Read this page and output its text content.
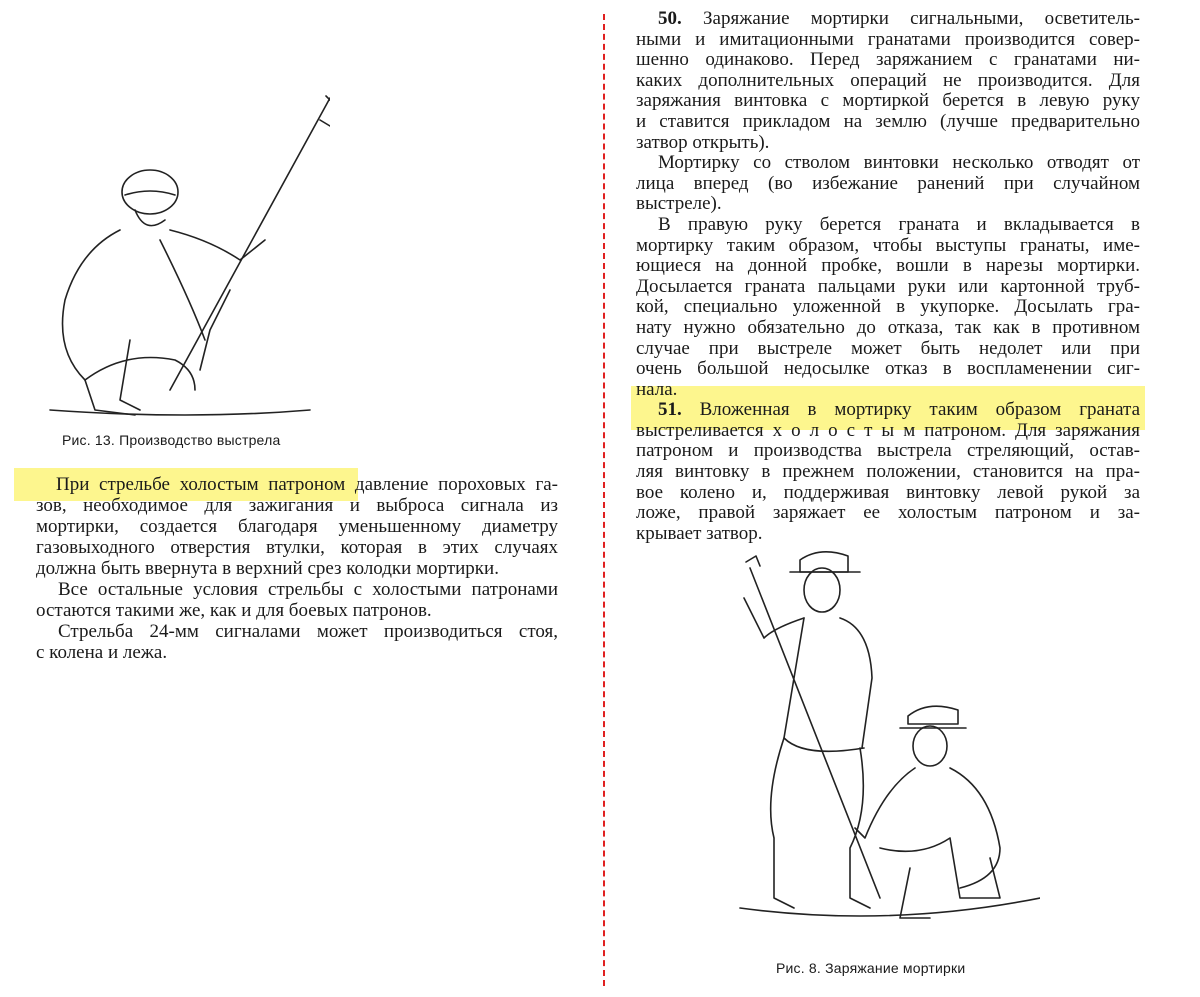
Рис. 13. Производство выстрела
При стрельбе холостым патроном давление пороховых га-
зов, необходимое для зажигания и выброса сигнала из
мортирки, создается благодаря уменьшенному диаметру
газовыходного отверстия втулки, которая в этих случаях
должна быть ввернута в верхний срез колодки мортирки.
Все остальные условия стрельбы с холостыми патронами
остаются такими же, как и для боевых патронов.
Стрельба 24-мм сигналами может производиться стоя,
с колена и лежа.
50. Заряжание мортирки сигнальными, осветитель-
ными и имитационными гранатами производится совер-
шенно одинаково. Перед заряжанием с гранатами ни-
каких дополнительных операций не производится. Для
заряжания винтовка с мортиркой берется в левую руку
и ставится прикладом на землю (лучше предварительно
затвор открыть).
Мортирку со стволом винтовки несколько отводят от
лица вперед (во избежание ранений при случайном
выстреле).
В правую руку берется граната и вкладывается в
мортирку таким образом, чтобы выступы гранаты, име-
ющиеся на донной пробке, вошли в нарезы мортирки.
Досылается граната пальцами руки или картонной труб-
кой, специально уложенной в укупорке. Досылать гра-
нату нужно обязательно до отказа, так как в противном
случае при выстреле может быть недолет или при
очень большой недосылке отказ в воспламенении сиг-
нала.
51. Вложенная в мортирку таким образом граната
выстреливается х о л о с т ы м патроном. Для заряжания
патроном и производства выстрела стреляющий, остав-
ляя винтовку в прежнем положении, становится на пра-
вое колено и, поддерживая винтовку левой рукой за
ложе, правой заряжает ее холостым патроном и за-
крывает затвор.
Рис. 8. Заряжание мортирки
